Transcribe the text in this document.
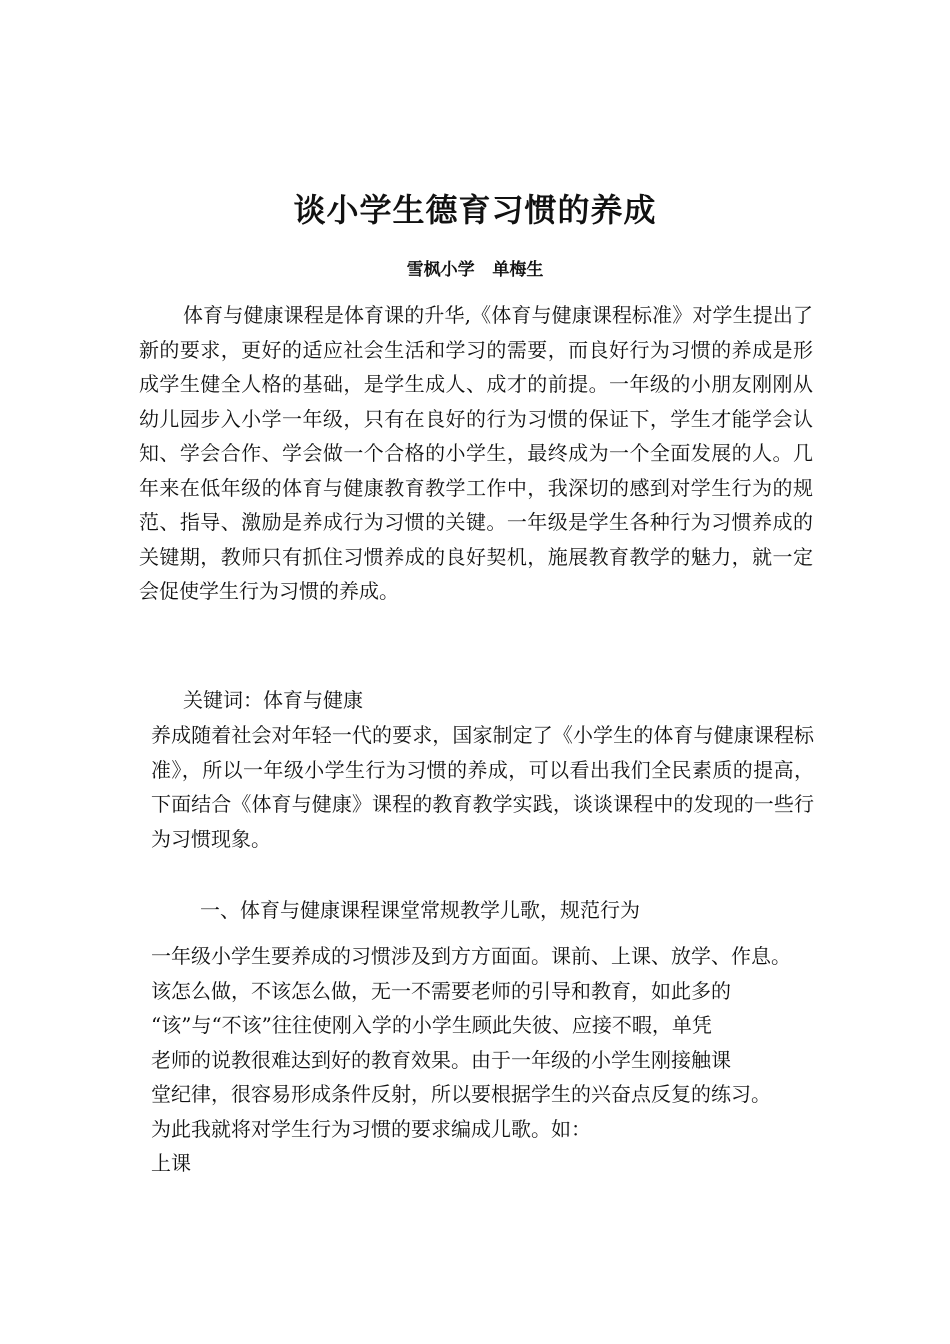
谈小学生德育习惯的养成
雪枫小学   单梅生

体育与健康课程是体育课的升华,《体育与健康课程标准》对学生提出了新的要求，更好的适应社会生活和学习的需要，而良好行为习惯的养成是形成学生健全人格的基础，是学生成人、成才的前提。一年级的小朋友刚刚从幼儿园步入小学一年级，只有在良好的行为习惯的保证下，学生才能学会认知、学会合作、学会做一个合格的小学生，最终成为一个全面发展的人。几年来在低年级的体育与健康教育教学工作中，我深切的感到对学生行为的规范、指导、激励是养成行为习惯的关键。一年级是学生各种行为习惯养成的关键期，教师只有抓住习惯养成的良好契机，施展教育教学的魅力，就一定会促使学生行为习惯的养成。

关键词：体育与健康

养成随着社会对年轻一代的要求，国家制定了《小学生的体育与健康课程标准》，所以一年级小学生行为习惯的养成，可以看出我们全民素质的提高，下面结合《体育与健康》课程的教育教学实践，谈谈课程中的发现的一些行为习惯现象。

一、体育与健康课程课堂常规教学儿歌，规范行为

一年级小学生要养成的习惯涉及到方方面面。课前、上课、放学、作息。
该怎么做，不该怎么做，无一不需要老师的引导和教育，如此多的
“该”与“不该”往往使刚入学的小学生顾此失彼、应接不暇，单凭
老师的说教很难达到好的教育效果。由于一年级的小学生刚接触课
堂纪律，很容易形成条件反射，所以要根据学生的兴奋点反复的练习。
为此我就将对学生行为习惯的要求编成儿歌。如：
上课
